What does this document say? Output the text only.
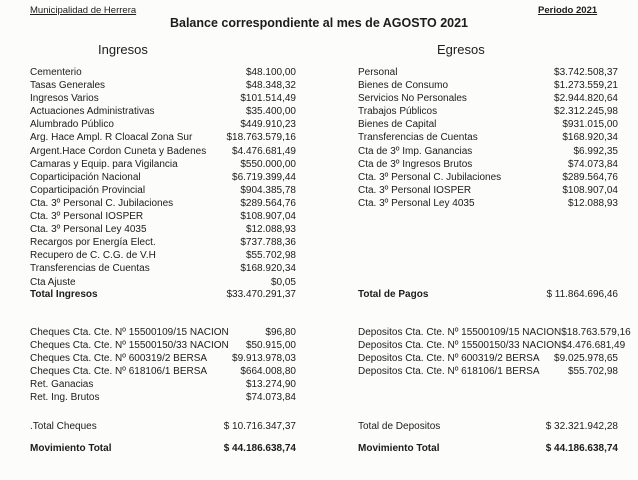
Municipalidad de Herrera	Periodo 2021
Balance correspondiente al mes de AGOSTO 2021
Ingresos	Egresos
Cementerio	$48.100,00
Tasas Generales	$48.348,32
Ingresos Varios	$101.514,49
Actuaciones Administrativas	$35.400,00
Alumbrado Público	$449.910,23
Arg. Hace Ampl. R Cloacal Zona Sur	$18.763.579,16
Argent.Hace Cordon Cuneta y Badenes	$4.476.681,49
Camaras y Equip. para Vigilancia	$550.000,00
Coparticipación Nacional	$6.719.399,44
Coparticipación Provincial	$904.385,78
Cta. 3º Personal C. Jubilaciones	$289.564,76
Cta. 3º Personal IOSPER	$108.907,04
Cta. 3º Personal Ley 4035	$12.088,93
Recargos por Energía Elect.	$737.788,36
Recupero de C. C.G. de V.H	$55.702,98
Transferencias de Cuentas	$168.920,34
Cta Ajuste	$0,05
Personal	$3.742.508,37
Bienes de Consumo	$1.273.559,21
Servicios No Personales	$2.944.820,64
Trabajos Públicos	$2.312.245,98
Bienes de Capital	$931.015,00
Transferencias de Cuentas	$168.920,34
Cta de 3º Imp. Ganancias	$6.992,35
Cta de 3º Ingresos Brutos	$74.073,84
Cta. 3º Personal C. Jubilaciones	$289.564,76
Cta. 3º Personal IOSPER	$108.907,04
Cta. 3º Personal Ley 4035	$12.088,93
Total Ingresos	$33.470.291,37	Total de Pagos	$ 11.864.696,46
Cheques Cta. Cte. Nº 15500109/15 NACION	$96,80
Cheques Cta. Cte. Nº 15500150/33 NACION $50.915,00
Cheques Cta. Cte. Nº 600319/2 BERSA $9.913.978,03
Cheques Cta. Cte. Nº 618106/1 BERSA	$664.008,80
Ret. Ganacias	$13.274,90
Ret. Ing. Brutos	$74.073,84
Depositos Cta. Cte. Nº 15500109/15 NACION $18.763.579,16
Depositos Cta. Cte. Nº 15500150/33 NACION $4.476.681,49
Depositos Cta. Cte. Nº 600319/2 BERSA $9.025.978,65
Depositos Cta. Cte. Nº 618106/1 BERSA	$55.702,98
.Total Cheques	$ 10.716.347,37	Total de Depositos	$ 32.321.942,28
Movimiento Total	$ 44.186.638,74	Movimiento Total	$ 44.186.638,74
